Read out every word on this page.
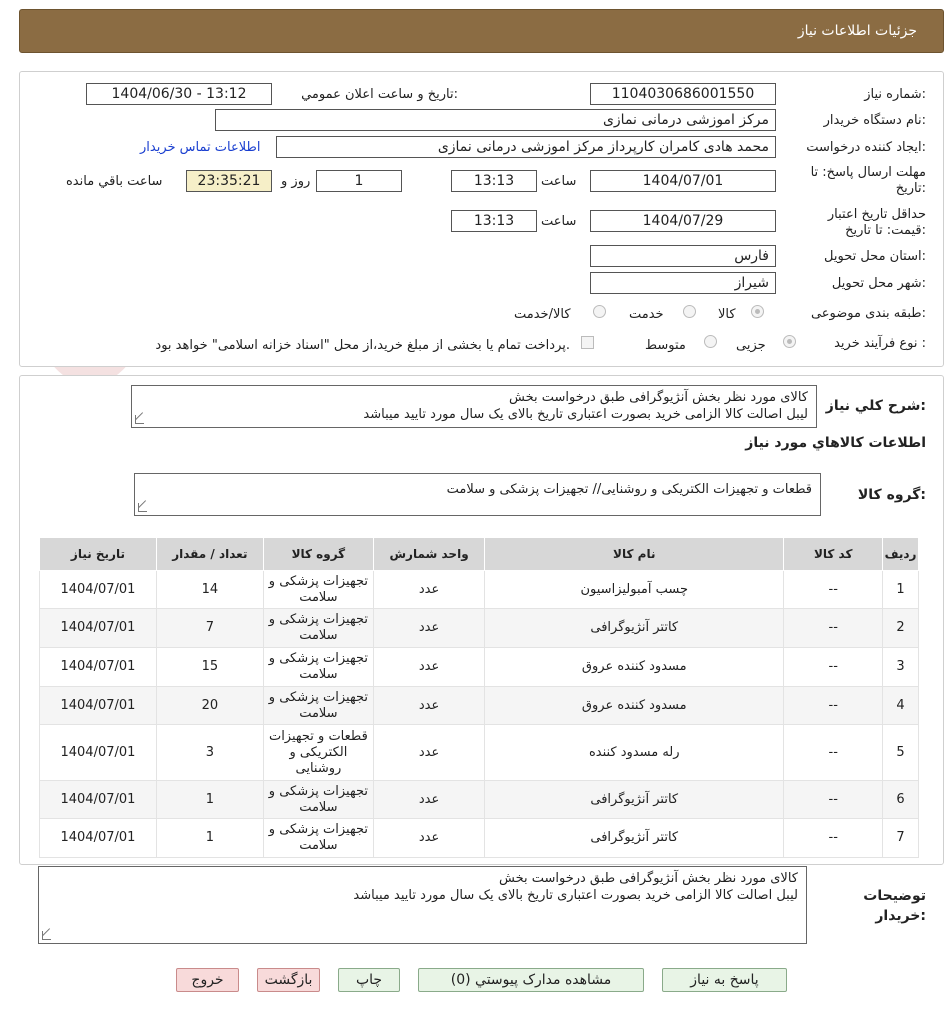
جزئیات اطلاعات نیاز
شماره نیاز:
1104030686001550
تاریخ و ساعت اعلان عمومي:
1404/06/30 - 13:12
نام دستگاه خریدار:
مرکز اموزشی درمانی نمازی
ایجاد کننده درخواست:
محمد هادی کامران کارپرداز مرکز اموزشی درمانی نمازی
اطلاعات تماس خریدار
مهلت ارسال پاسخ: تا تاریخ:
1404/07/01
ساعت
13:13
1
روز و
23:35:21
ساعت باقي مانده
حداقل تاریخ اعتبار قیمت: تا تاریخ:
1404/07/29
ساعت
13:13
استان محل تحویل:
فارس
شهر محل تحویل:
شیراز
طبقه بندی موضوعی:
کالا
خدمت
کالا/خدمت
نوع فرآیند خرید :
جزیی
متوسط
پرداخت تمام یا بخشی از مبلغ خرید،از محل "اسناد خزانه اسلامی" خواهد بود.
شرح کلي نیاز:
کالای مورد نظر بخش آنژیوگرافی طبق درخواست بخش
لیبل اصالت کالا الزامی خرید بصورت اعتباری تاریخ بالای یک سال مورد تایید میباشد
اطلاعات کالاهاي مورد نیاز
گروه کالا:
قطعات و تجهیزات الکتریکی و روشنایی// تجهیزات پزشکی و سلامت
ردیف	کد کالا	نام کالا	واحد شمارش	گروه کالا	تعداد / مقدار	تاریخ نیاز
1	--	چسب آمبولیزاسیون	عدد	تجهیزات پزشکی و سلامت	14	1404/07/01
2	--	کاتتر آنژیوگرافی	عدد	تجهیزات پزشکی و سلامت	7	1404/07/01
3	--	مسدود کننده عروق	عدد	تجهیزات پزشکی و سلامت	15	1404/07/01
4	--	مسدود کننده عروق	عدد	تجهیزات پزشکی و سلامت	20	1404/07/01
5	--	رله مسدود کننده	عدد	قطعات و تجهیزات الکتریکی و روشنایی	3	1404/07/01
6	--	کاتتر آنژیوگرافی	عدد	تجهیزات پزشکی و سلامت	1	1404/07/01
7	--	کاتتر آنژیوگرافی	عدد	تجهیزات پزشکی و سلامت	1	1404/07/01
توضیحات خریدار:
کالای مورد نظر بخش آنژیوگرافی طبق درخواست بخش
لیبل اصالت کالا الزامی خرید بصورت اعتباری تاریخ بالای یک سال مورد تایید میباشد
پاسخ به نیاز
مشاهده مدارک پیوستي (0)
چاپ
بازگشت
خروج
